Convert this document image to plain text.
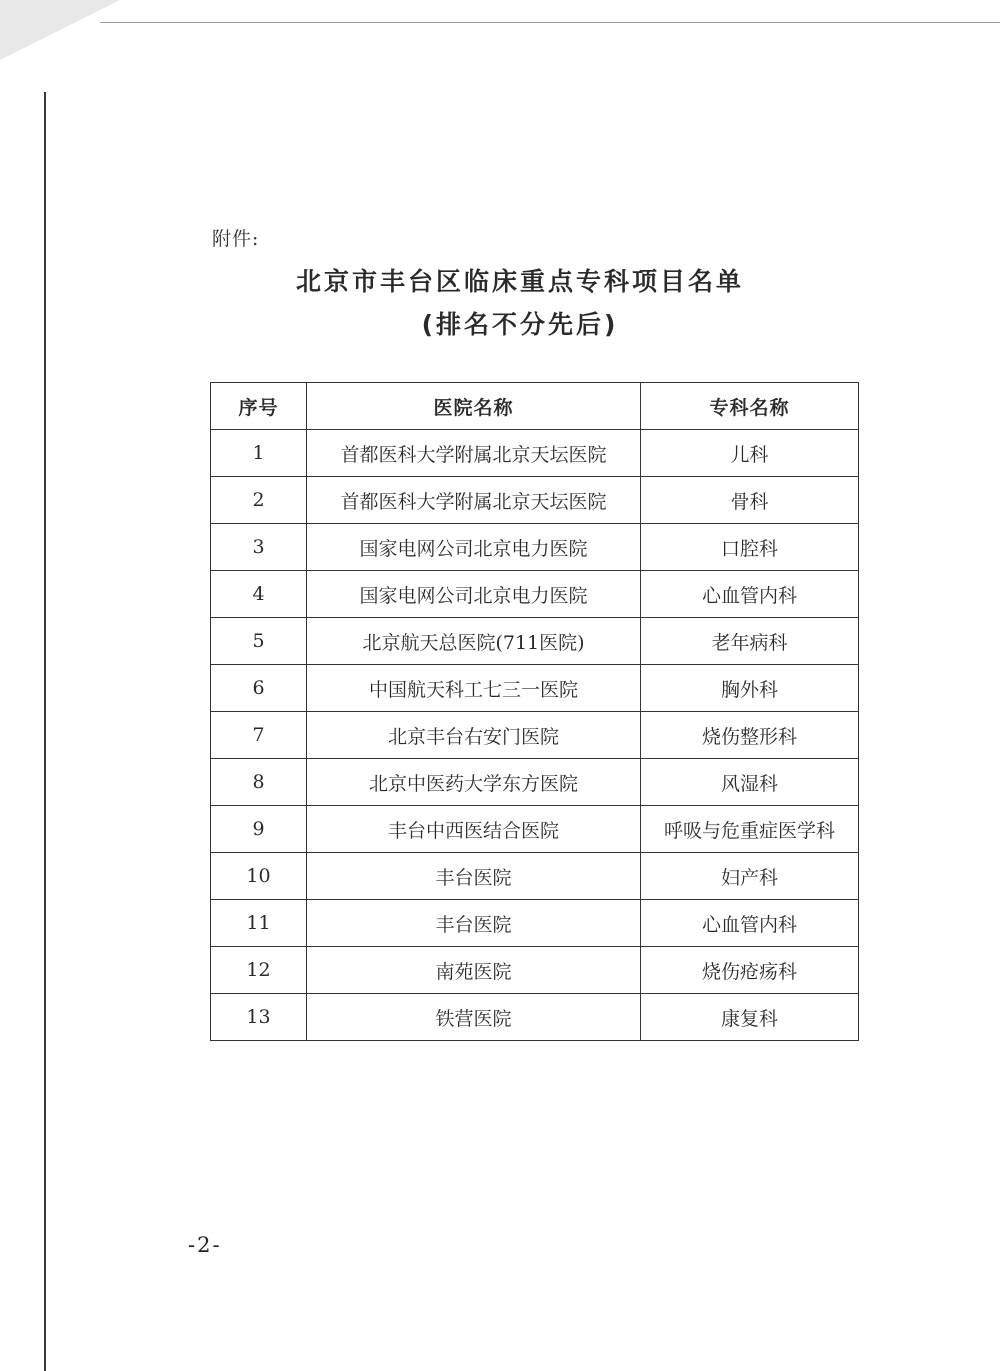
附件:
北京市丰台区临床重点专科项目名单
(排名不分先后)
序号	医院名称	专科名称
1	首都医科大学附属北京天坛医院	儿科
2	首都医科大学附属北京天坛医院	骨科
3	国家电网公司北京电力医院	口腔科
4	国家电网公司北京电力医院	心血管内科
5	北京航天总医院(711医院)	老年病科
6	中国航天科工七三一医院	胸外科
7	北京丰台右安门医院	烧伤整形科
8	北京中医药大学东方医院	风湿科
9	丰台中西医结合医院	呼吸与危重症医学科
10	丰台医院	妇产科
11	丰台医院	心血管内科
12	南苑医院	烧伤疮疡科
13	铁营医院	康复科
-2-
